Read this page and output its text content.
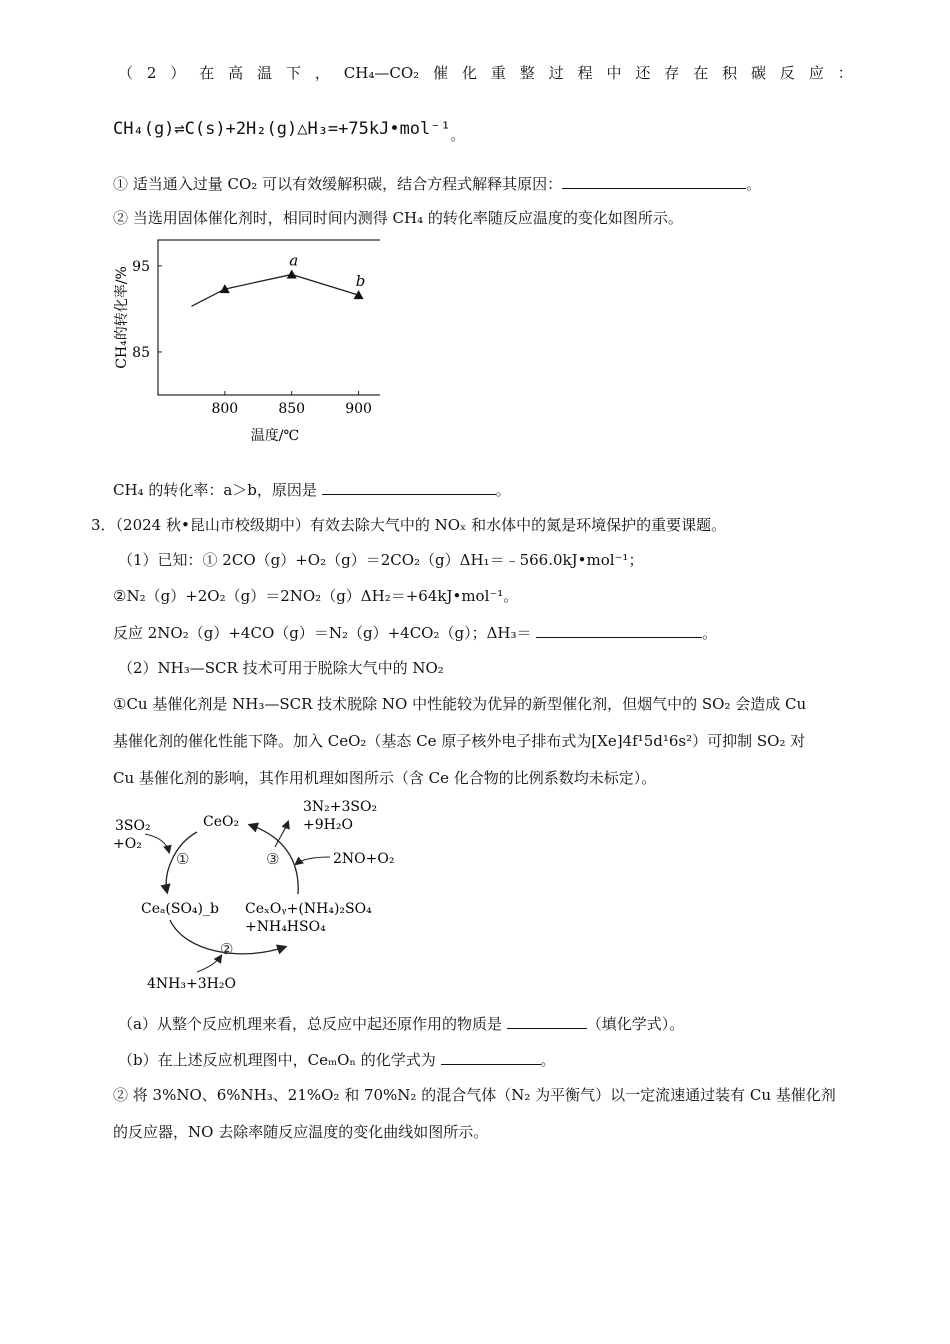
（ 2 ） 在 高 温 下 ， CH₄—CO₂ 催 化 重 整 过 程 中 还 存 在 积 碳 反 应 ：
$CH_4(g)\rightleftharpoons C(s)+2H_2(g)\triangle H_3=+75kJ•mol^{-1}_。$
① 适当通入过量 CO₂ 可以有效缓解积碳，结合方程式解释其原因：	。
② 当选用固体催化剂时，相同时间内测得 CH₄ 的转化率随反应温度的变化如图所示。
800	850	900
85
95	a
b
温度/℃
CH₄的转化率/%
CH₄ 的转化率：a＞b，原因是	。
3．（2024 秋•昆山市校级期中）有效去除大气中的 NOₓ 和水体中的氮是环境保护的重要课题。
（1）已知：① 2CO（g）+O₂（g）＝2CO₂（g）ΔH₁＝﹣566.0kJ•mol⁻¹；
②N₂（g）+2O₂（g）＝2NO₂（g）ΔH₂＝+64kJ•mol⁻¹。
反应 2NO₂（g）+4CO（g）＝N₂（g）+4CO₂（g）；ΔH₃＝	。
（2）NH₃—SCR 技术可用于脱除大气中的 NO₂
①Cu 基催化剂是 NH₃—SCR 技术脱除 NO 中性能较为优异的新型催化剂，但烟气中的 SO₂ 会造成 Cu
基催化剂的催化性能下降。加入 CeO₂（基态 Ce 原子核外电子排布式为[Xe]4f¹5d¹6s²）可抑制 SO₂ 对
Cu 基催化剂的影响，其作用机理如图所示（含 Ce 化合物的比例系数均未标定）。
3SO₂
+O₂
CeO₂
3N₂+3SO₂
+9H₂O
2NO+O₂
Ceₐ(SO₄)_b CeₓOᵧ+(NH₄)₂SO₄
+NH₄HSO₄
4NH₃+3H₂O
①
②
③
（a）从整个反应机理来看，总反应中起还原作用的物质是	（填化学式）。
（b）在上述反应机理图中，CeₘOₙ 的化学式为	。
② 将 3%NO、6%NH₃、21%O₂ 和 70%N₂ 的混合气体（N₂ 为平衡气）以一定流速通过装有 Cu 基催化剂
的反应器，NO 去除率随反应温度的变化曲线如图所示。
